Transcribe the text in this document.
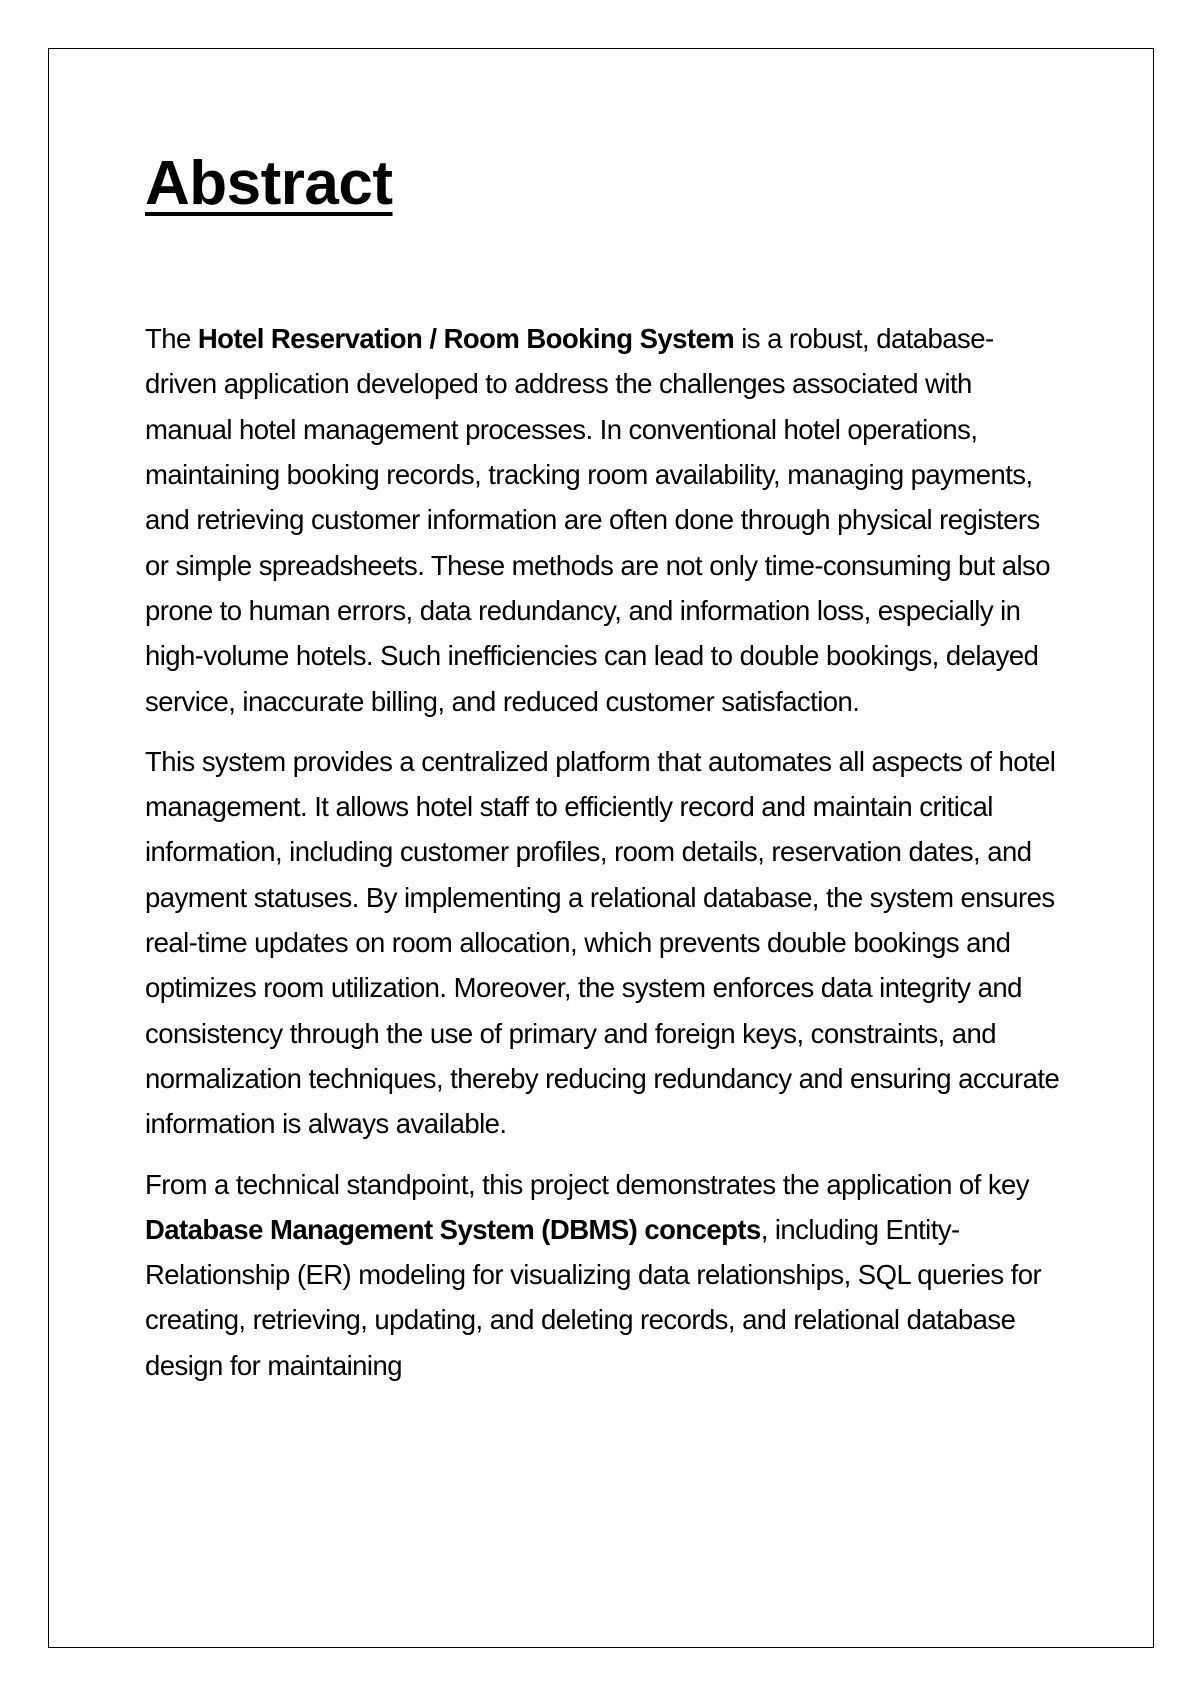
Abstract

The Hotel Reservation / Room Booking System is a robust, database-driven application developed to address the challenges associated with manual hotel management processes. In conventional hotel operations, maintaining booking records, tracking room availability, managing payments, and retrieving customer information are often done through physical registers or simple spreadsheets. These methods are not only time-consuming but also prone to human errors, data redundancy, and information loss, especially in high-volume hotels. Such inefficiencies can lead to double bookings, delayed service, inaccurate billing, and reduced customer satisfaction.

This system provides a centralized platform that automates all aspects of hotel management. It allows hotel staff to efficiently record and maintain critical information, including customer profiles, room details, reservation dates, and payment statuses. By implementing a relational database, the system ensures real-time updates on room allocation, which prevents double bookings and optimizes room utilization. Moreover, the system enforces data integrity and consistency through the use of primary and foreign keys, constraints, and normalization techniques, thereby reducing redundancy and ensuring accurate information is always available.

From a technical standpoint, this project demonstrates the application of key Database Management System (DBMS) concepts, including Entity-Relationship (ER) modeling for visualizing data relationships, SQL queries for creating, retrieving, updating, and deleting records, and relational database design for maintaining
